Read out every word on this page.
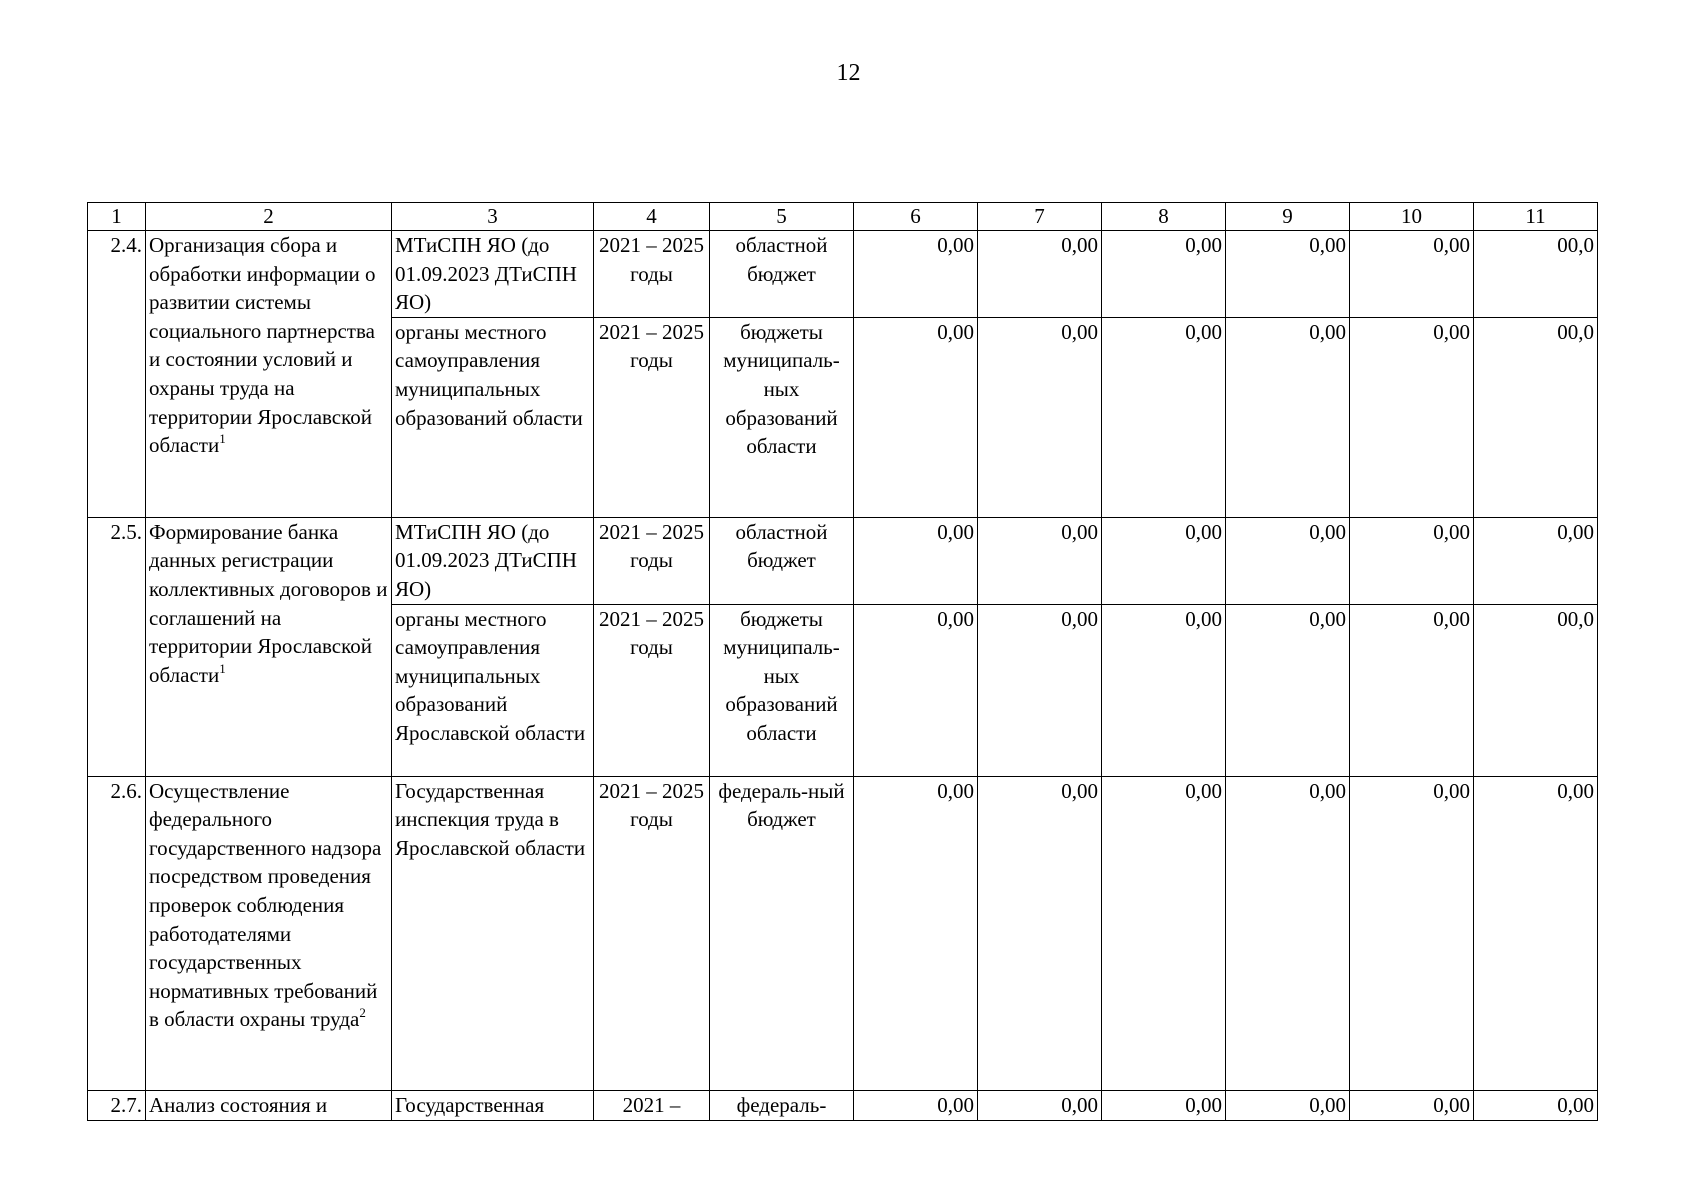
12
1	2	3	4	5	6	7	8	9	10	11
2.4.	Организация сбора и обработки информации о развитии системы социального партнерства и состоянии условий и охраны труда на территории Ярославской области$^1$	МТиСПН ЯО (до 01.09.2023 ДТиСПН ЯО)	2021 – 2025 годы	областной бюджет	0,00	0,00	0,00	0,00	0,00	00,0
		органы местного самоуправления муниципальных образований области	2021 – 2025 годы	бюджеты муниципаль-ных образований области	0,00	0,00	0,00	0,00	0,00	00,0
2.5.	Формирование банка данных регистрации коллективных договоров и соглашений на территории Ярославской области$^1$	МТиСПН ЯО (до 01.09.2023 ДТиСПН ЯО)	2021 – 2025 годы	областной бюджет	0,00	0,00	0,00	0,00	0,00	0,00
		органы местного самоуправления муниципальных образований Ярославской области	2021 – 2025 годы	бюджеты муниципаль-ных образований области	0,00	0,00	0,00	0,00	0,00	00,0
2.6.	Осуществление федерального государственного надзора посредством проведения проверок соблюдения работодателями государственных нормативных требований в области охраны труда$^2$	Государственная инспекция труда в Ярославской области	2021 – 2025 годы	федераль-ный бюджет	0,00	0,00	0,00	0,00	0,00	0,00
2.7.	Анализ состояния и	Государственная	2021 –	федераль-	0,00	0,00	0,00	0,00	0,00	0,00
